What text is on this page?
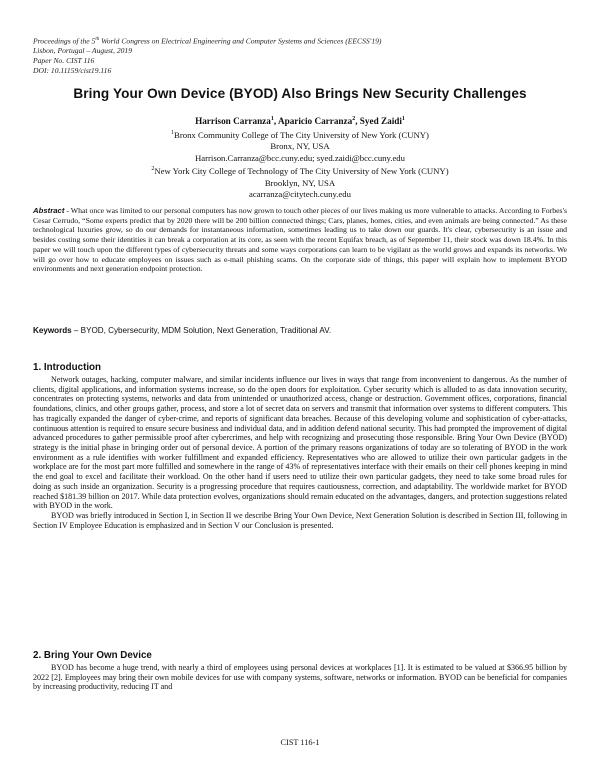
Proceedings of the 5th World Congress on Electrical Engineering and Computer Systems and Sciences (EECSS'19)
Lisbon, Portugal – August, 2019
Paper No. CIST 116
DOI: 10.11159/cist19.116
Bring Your Own Device (BYOD) Also Brings New Security Challenges
Harrison Carranza$^1$, Aparicio Carranza$^2$, Syed Zaidi$^1$
$^1$Bronx Community College of The City University of New York (CUNY)
Bronx, NY, USA
Harrison.Carranza@bcc.cuny.edu; syed.zaidi@bcc.cuny.edu
$^2$New York City College of Technology of The City University of New York (CUNY)
Brooklyn, NY, USA
acarranza@citytech.cuny.edu
Abstract - What once was limited to our personal computers has now grown to touch other pieces of our lives making us more vulnerable to attacks. According to Forbes's Cesar Cerrudo, “Some experts predict that by 2020 there will be 200 billion connected things; Cars, planes, homes, cities, and even animals are being connected.” As these technological luxuries grow, so do our demands for instantaneous information, sometimes leading us to take down our guards. It's clear, cybersecurity is an issue and besides costing some their identities it can break a corporation at its core, as seen with the recent Equifax breach, as of September 11, their stock was down 18.4%. In this paper we will touch upon the different types of cybersecurity threats and some ways corporations can learn to be vigilant as the world grows and expands its networks. We will go over how to educate employees on issues such as e-mail phishing scams. On the corporate side of things, this paper will explain how to implement BYOD environments and next generation endpoint protection.
Keywords – BYOD, Cybersecurity, MDM Solution, Next Generation, Traditional AV.
1. Introduction

Network outages, hacking, computer malware, and similar incidents influence our lives in ways that range from inconvenient to dangerous. As the number of clients, digital applications, and information systems increase, so do the open doors for exploitation. Cyber security which is alluded to as data innovation security, concentrates on protecting systems, networks and data from unintended or unauthorized access, change or destruction. Government offices, corporations, financial foundations, clinics, and other groups gather, process, and store a lot of secret data on servers and transmit that information over systems to different computers. This has tragically expanded the danger of cyber-crime, and reports of significant data breaches. Because of this developing volume and sophistication of cyber-attacks, continuous attention is required to ensure secure business and individual data, and in addition defend national security. This had prompted the improvement of digital advanced procedures to gather permissible proof after cybercrimes, and help with recognizing and prosecuting those responsible. Bring Your Own Device (BYOD) strategy is the initial phase in bringing order out of personal device. A portion of the primary reasons organizations of today are so tolerating of BYOD in the work environment as a rule identifies with worker fulfillment and expanded efficiency. Representatives who are allowed to utilize their own particular gadgets in the workplace are for the most part more fulfilled and somewhere in the range of 43% of representatives interface with their emails on their cell phones keeping in mind the end goal to excel and facilitate their workload. On the other hand if users need to utilize their own particular gadgets, they need to take some broad rules for doing as such inside an organization. Security is a progressing procedure that requires cautiousness, correction, and adaptability. The worldwide market for BYOD reached $181.39 billion on 2017. While data protection evolves, organizations should remain educated on the advantages, dangers, and protection suggestions related with BYOD in the work.

BYOD was briefly introduced in Section I, in Section II we describe Bring Your Own Device, Next Generation Solution is described in Section III, following in Section IV Employee Education is emphasized and in Section V our Conclusion is presented.

2. Bring Your Own Device

BYOD has become a huge trend, with nearly a third of employees using personal devices at workplaces [1]. It is estimated to be valued at $366.95 billion by 2022 [2]. Employees may bring their own mobile devices for use with company systems, software, networks or information. BYOD can be beneficial for companies by increasing productivity, reducing IT and

CIST 116-1
